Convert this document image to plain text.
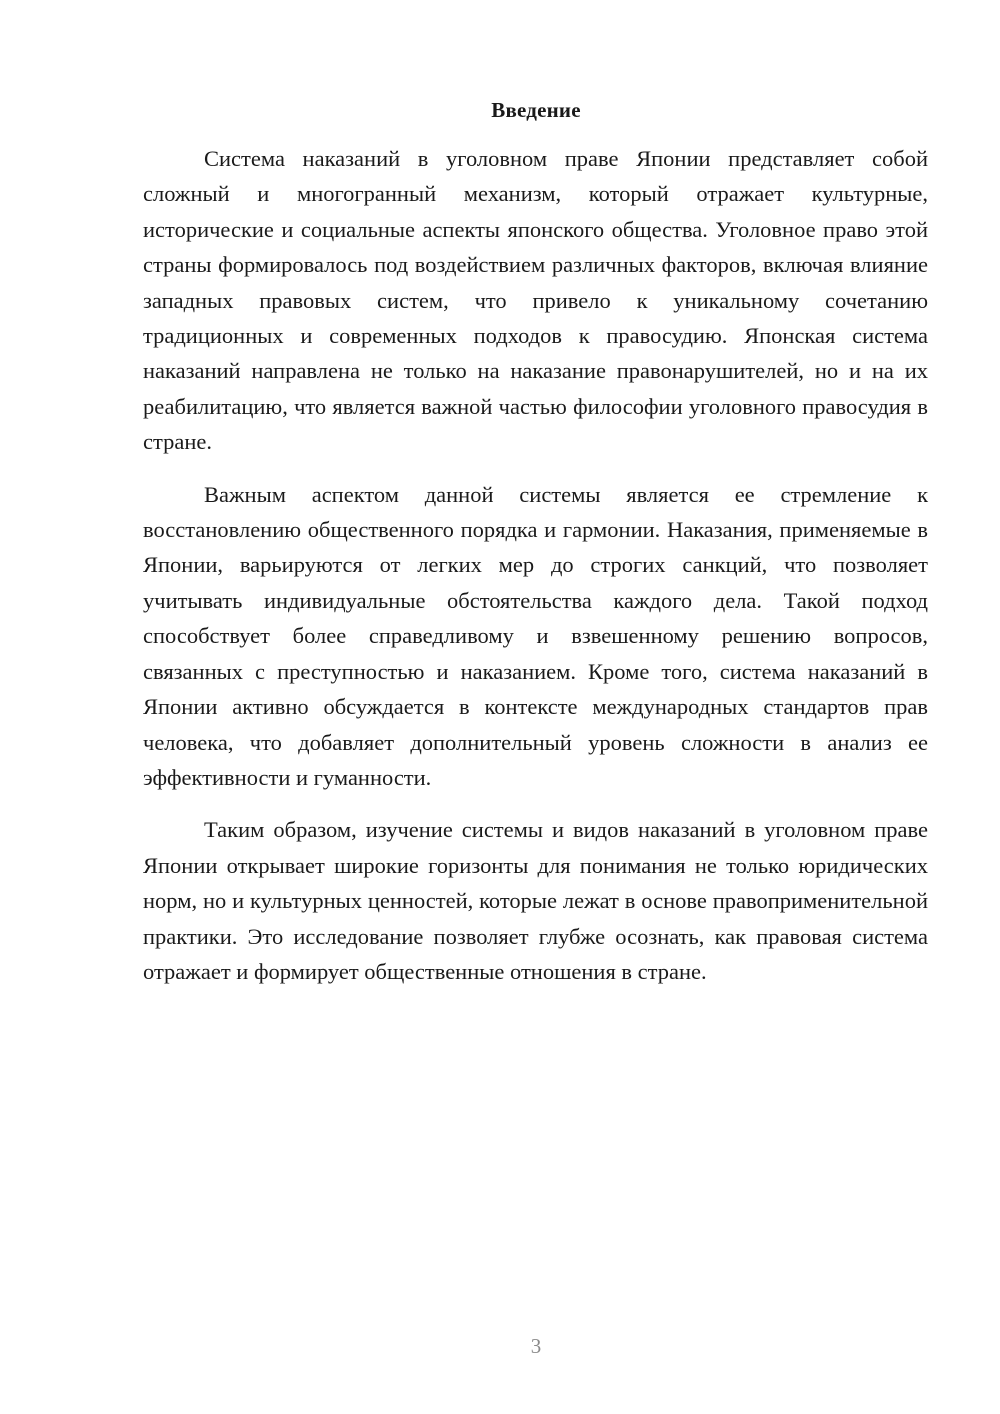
Введение

Система наказаний в уголовном праве Японии представляет собой сложный и многогранный механизм, который отражает культурные, исторические и социальные аспекты японского общества. Уголовное право этой страны формировалось под воздействием различных факторов, включая влияние западных правовых систем, что привело к уникальному сочетанию традиционных и современных подходов к правосудию. Японская система наказаний направлена не только на наказание правонарушителей, но и на их реабилитацию, что является важной частью философии уголовного правосудия в стране.

Важным аспектом данной системы является ее стремление к восстановлению общественного порядка и гармонии. Наказания, применяемые в Японии, варьируются от легких мер до строгих санкций, что позволяет учитывать индивидуальные обстоятельства каждого дела. Такой подход способствует более справедливому и взвешенному решению вопросов, связанных с преступностью и наказанием. Кроме того, система наказаний в Японии активно обсуждается в контексте международных стандартов прав человека, что добавляет дополнительный уровень сложности в анализ ее эффективности и гуманности.

Таким образом, изучение системы и видов наказаний в уголовном праве Японии открывает широкие горизонты для понимания не только юридических норм, но и культурных ценностей, которые лежат в основе правоприменительной практики. Это исследование позволяет глубже осознать, как правовая система отражает и формирует общественные отношения в стране.

3
